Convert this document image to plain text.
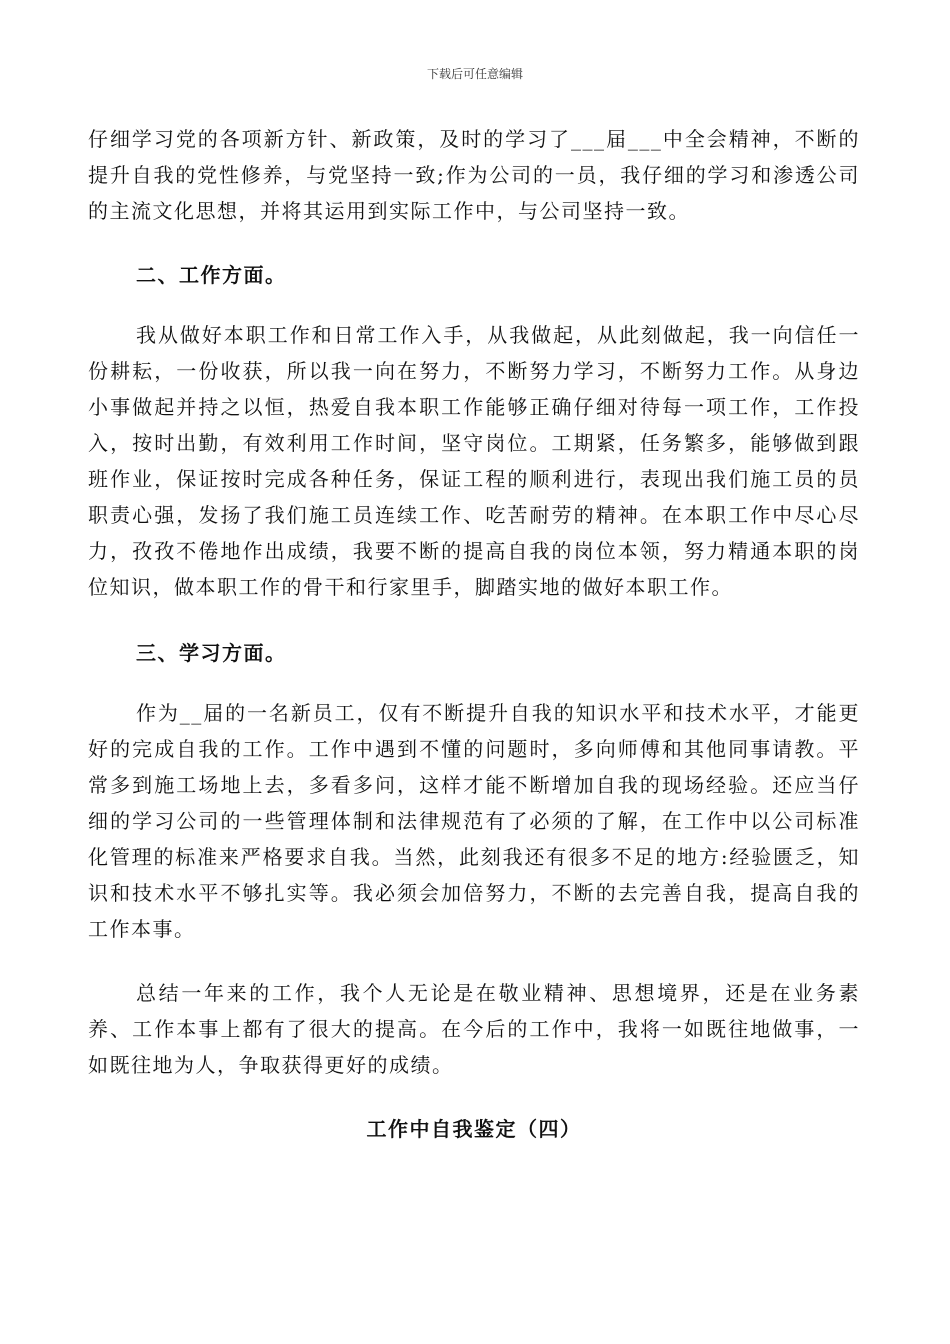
下载后可任意编辑

仔细学习党的各项新方针、新政策，及时的学习了___届___中全会精神，不断的提升自我的党性修养，与党坚持一致;作为公司的一员，我仔细的学习和渗透公司的主流文化思想，并将其运用到实际工作中，与公司坚持一致。

二、工作方面。

我从做好本职工作和日常工作入手，从我做起，从此刻做起，我一向信任一份耕耘，一份收获，所以我一向在努力，不断努力学习，不断努力工作。从身边小事做起并持之以恒，热爱自我本职工作能够正确仔细对待每一项工作，工作投入，按时出勤，有效利用工作时间，坚守岗位。工期紧，任务繁多，能够做到跟班作业，保证按时完成各种任务，保证工程的顺利进行，表现出我们施工员的员职责心强，发扬了我们施工员连续工作、吃苦耐劳的精神。在本职工作中尽心尽力，孜孜不倦地作出成绩，我要不断的提高自我的岗位本领，努力精通本职的岗位知识，做本职工作的骨干和行家里手，脚踏实地的做好本职工作。

三、学习方面。

作为__届的一名新员工，仅有不断提升自我的知识水平和技术水平，才能更好的完成自我的工作。工作中遇到不懂的问题时，多向师傅和其他同事请教。平常多到施工场地上去，多看多问，这样才能不断增加自我的现场经验。还应当仔细的学习公司的一些管理体制和法律规范有了必须的了解，在工作中以公司标准化管理的标准来严格要求自我。当然，此刻我还有很多不足的地方:经验匮乏，知识和技术水平不够扎实等。我必须会加倍努力，不断的去完善自我，提高自我的工作本事。

总结一年来的工作，我个人无论是在敬业精神、思想境界，还是在业务素养、工作本事上都有了很大的提高。在今后的工作中，我将一如既往地做事，一如既往地为人，争取获得更好的成绩。

工作中自我鉴定（四）
